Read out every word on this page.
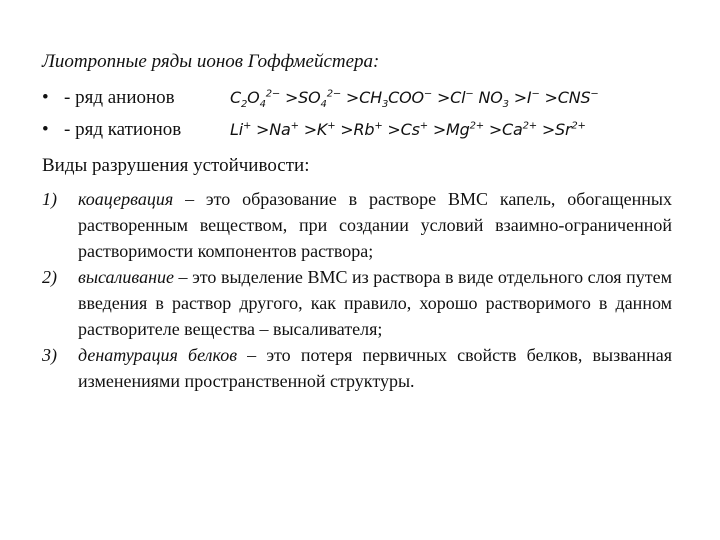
Лиотропные ряды ионов Гоффмейстера:
• - ряд анионов	$C_2O_4^{2-} >SO_4^{2-} >CH_3COO^- >Cl^-$ $NO_3 >I^- >CNS^-$
• - ряд катионов	$Li^+ >Na^+ >K^+ >Rb^+ >Cs^+ >Mg^{2+} >Ca^{2+} >Sr^{2+}$
Виды разрушения устойчивости:
1) коацервация – это образование в растворе ВМС капель, обогащенных растворенным веществом, при создании условий взаимно-ограниченной растворимости компонентов раствора;
2) высаливание – это выделение ВМС из раствора в виде отдельного слоя путем введения в раствор другого, как правило, хорошо растворимого в данном растворителе вещества – высаливателя;
3) денатурация белков – это потеря первичных свойств белков, вызванная изменениями пространственной структуры.
